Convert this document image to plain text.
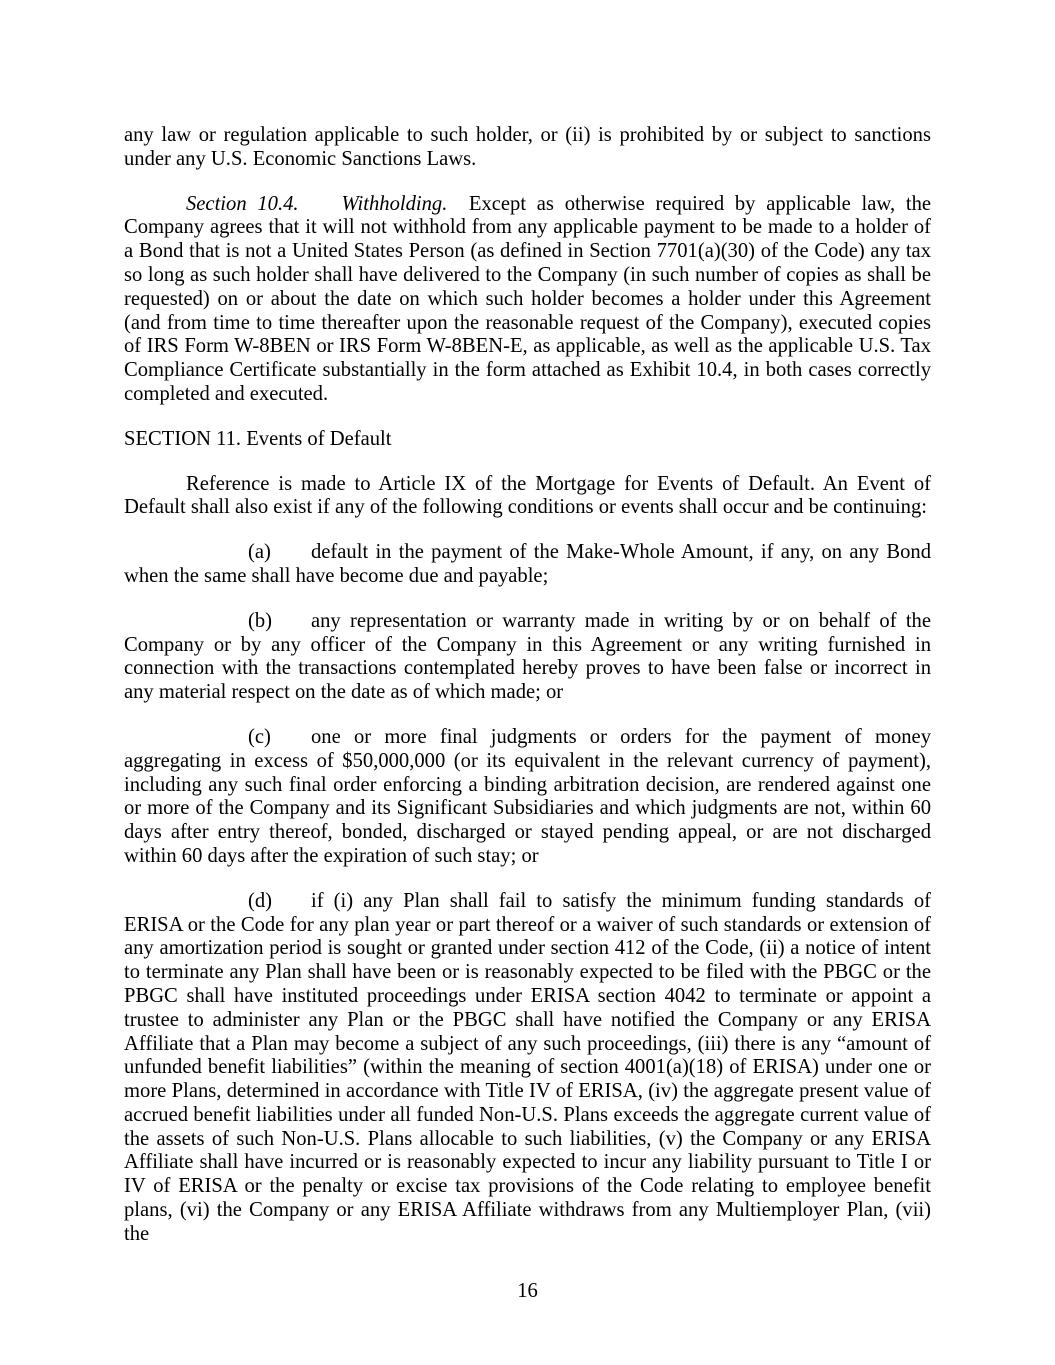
any law or regulation applicable to such holder, or (ii) is prohibited by or subject to sanctions under any U.S. Economic Sanctions Laws.

Section 10.4. Withholding. Except as otherwise required by applicable law, the Company agrees that it will not withhold from any applicable payment to be made to a holder of a Bond that is not a United States Person (as defined in Section 7701(a)(30) of the Code) any tax so long as such holder shall have delivered to the Company (in such number of copies as shall be requested) on or about the date on which such holder becomes a holder under this Agreement (and from time to time thereafter upon the reasonable request of the Company), executed copies of IRS Form W-8BEN or IRS Form W-8BEN-E, as applicable, as well as the applicable U.S. Tax Compliance Certificate substantially in the form attached as Exhibit 10.4, in both cases correctly completed and executed.

SECTION 11. Events of Default

Reference is made to Article IX of the Mortgage for Events of Default. An Event of Default shall also exist if any of the following conditions or events shall occur and be continuing:

(a) default in the payment of the Make-Whole Amount, if any, on any Bond when the same shall have become due and payable;

(b) any representation or warranty made in writing by or on behalf of the Company or by any officer of the Company in this Agreement or any writing furnished in connection with the transactions contemplated hereby proves to have been false or incorrect in any material respect on the date as of which made; or

(c) one or more final judgments or orders for the payment of money aggregating in excess of $50,000,000 (or its equivalent in the relevant currency of payment), including any such final order enforcing a binding arbitration decision, are rendered against one or more of the Company and its Significant Subsidiaries and which judgments are not, within 60 days after entry thereof, bonded, discharged or stayed pending appeal, or are not discharged within 60 days after the expiration of such stay; or

(d) if (i) any Plan shall fail to satisfy the minimum funding standards of ERISA or the Code for any plan year or part thereof or a waiver of such standards or extension of any amortization period is sought or granted under section 412 of the Code, (ii) a notice of intent to terminate any Plan shall have been or is reasonably expected to be filed with the PBGC or the PBGC shall have instituted proceedings under ERISA section 4042 to terminate or appoint a trustee to administer any Plan or the PBGC shall have notified the Company or any ERISA Affiliate that a Plan may become a subject of any such proceedings, (iii) there is any “amount of unfunded benefit liabilities” (within the meaning of section 4001(a)(18) of ERISA) under one or more Plans, determined in accordance with Title IV of ERISA, (iv) the aggregate present value of accrued benefit liabilities under all funded Non-U.S. Plans exceeds the aggregate current value of the assets of such Non-U.S. Plans allocable to such liabilities, (v) the Company or any ERISA Affiliate shall have incurred or is reasonably expected to incur any liability pursuant to Title I or IV of ERISA or the penalty or excise tax provisions of the Code relating to employee benefit plans, (vi) the Company or any ERISA Affiliate withdraws from any Multiemployer Plan, (vii) the

16
